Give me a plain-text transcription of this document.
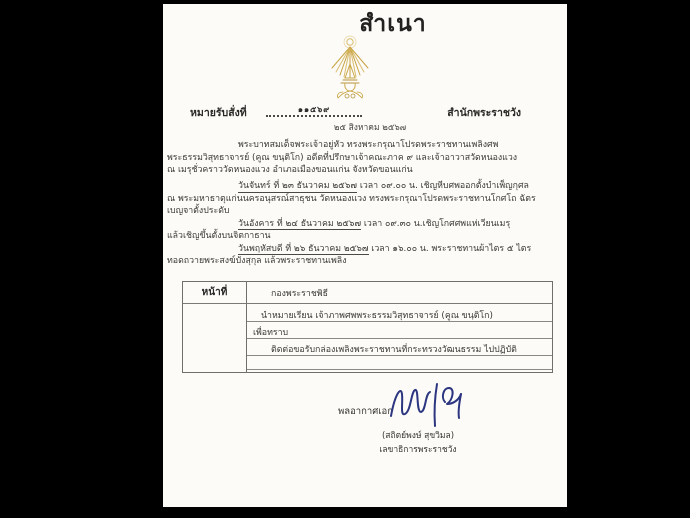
สำเนา
หมายรับสั่งที่	๑๑๕๖๙	สำนักพระราชวัง
๒๕ สิงหาคม ๒๕๖๗
พระบาทสมเด็จพระเจ้าอยู่หัว ทรงพระกรุณาโปรดพระราชทานเพลิงศพ
พระธรรมวิสุทธาจารย์ (คูณ ขนฺติโก) อดีตที่ปรึกษาเจ้าคณะภาค ๙ และเจ้าอาวาสวัดหนองแวง
ณ เมรุชั่วคราววัดหนองแวง อำเภอเมืองขอนแก่น จังหวัดขอนแก่น
วันจันทร์ ที่ ๒๓ ธันวาคม ๒๕๖๗ เวลา ๐๙.๐๐ น. เชิญหีบศพออกตั้งบำเพ็ญกุศล
ณ พระมหาธาตุแก่นนครอนุสรณ์สาธุชน วัดหนองแวง ทรงพระกรุณาโปรดพระราชทานโกศโถ ฉัตรเบญจาตั้งประดับ
วันอังคาร ที่ ๒๔ ธันวาคม ๒๕๖๗ เวลา ๐๙.๓๐ น.เชิญโกศศพแห่เวียนเมรุ
แล้วเชิญขึ้นตั้งบนจิตกาธาน
วันพฤหัสบดี ที่ ๒๖ ธันวาคม ๒๕๖๗ เวลา ๑๖.๐๐ น. พระราชทานผ้าไตร ๕ ไตร
ทอดถวายพระสงฆ์บังสุกุล แล้วพระราชทานเพลิง
หน้าที่	กองพระราชพิธี
นำหมายเรียน เจ้าภาพศพพระธรรมวิสุทธาจารย์ (คูณ ขนฺติโก)
เพื่อทราบ
ติดต่อขอรับกล่องเพลิงพระราชทานที่กระทรวงวัฒนธรรม ไปปฏิบัติ
พลอากาศเอก
(สถิตย์พงษ์ สุขวิมล)
เลขาธิการพระราชวัง
